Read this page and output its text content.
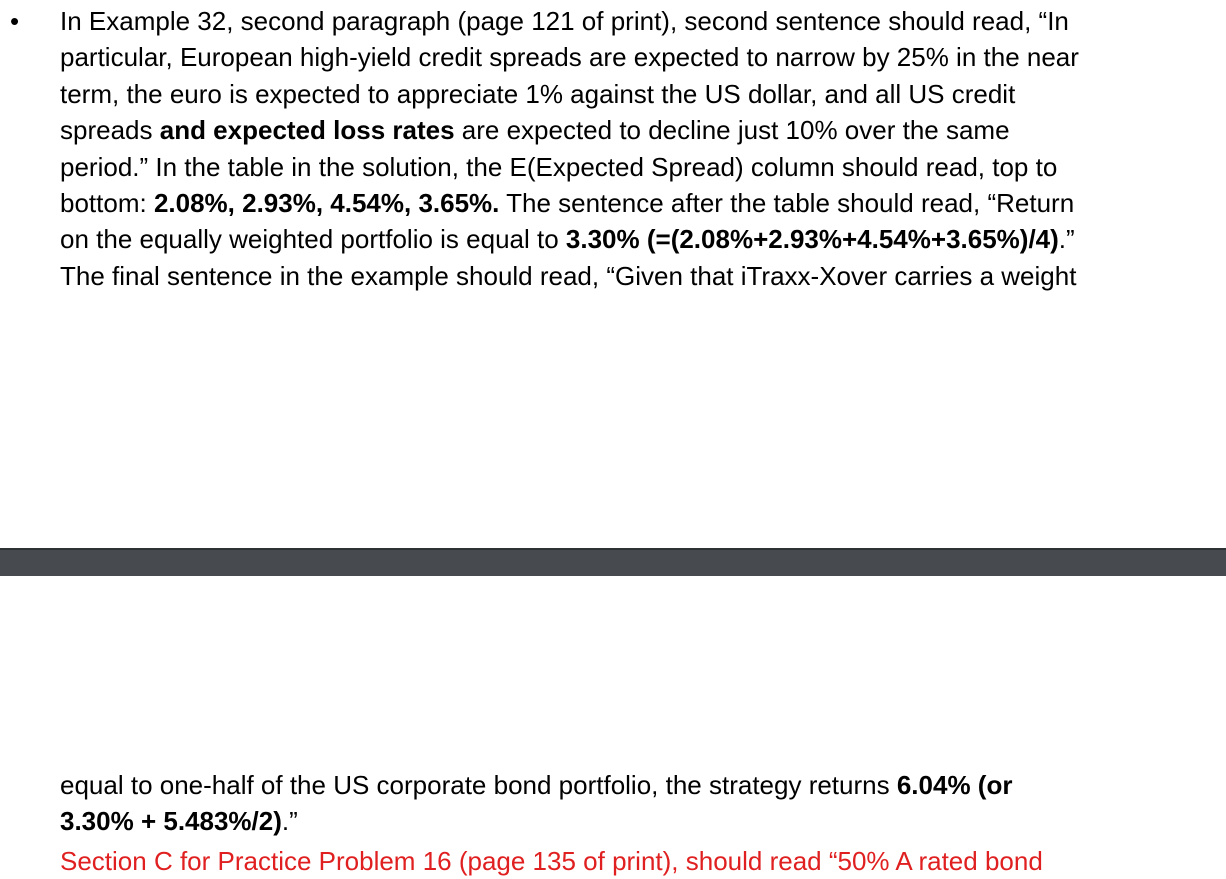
• In Example 32, second paragraph (page 121 of print), second sentence should read, “In
particular, European high-yield credit spreads are expected to narrow by 25% in the near
term, the euro is expected to appreciate 1% against the US dollar, and all US credit
spreads and expected loss rates are expected to decline just 10% over the same
period.” In the table in the solution, the E(Expected Spread) column should read, top to
bottom: 2.08%, 2.93%, 4.54%, 3.65%. The sentence after the table should read, “Return
on the equally weighted portfolio is equal to 3.30% (=(2.08%+2.93%+4.54%+3.65%)/4).”
The final sentence in the example should read, “Given that iTraxx-Xover carries a weight

equal to one-half of the US corporate bond portfolio, the strategy returns 6.04% (or
3.30% + 5.483%/2).”

Section C for Practice Problem 16 (page 135 of print), should read “50% A rated bond
